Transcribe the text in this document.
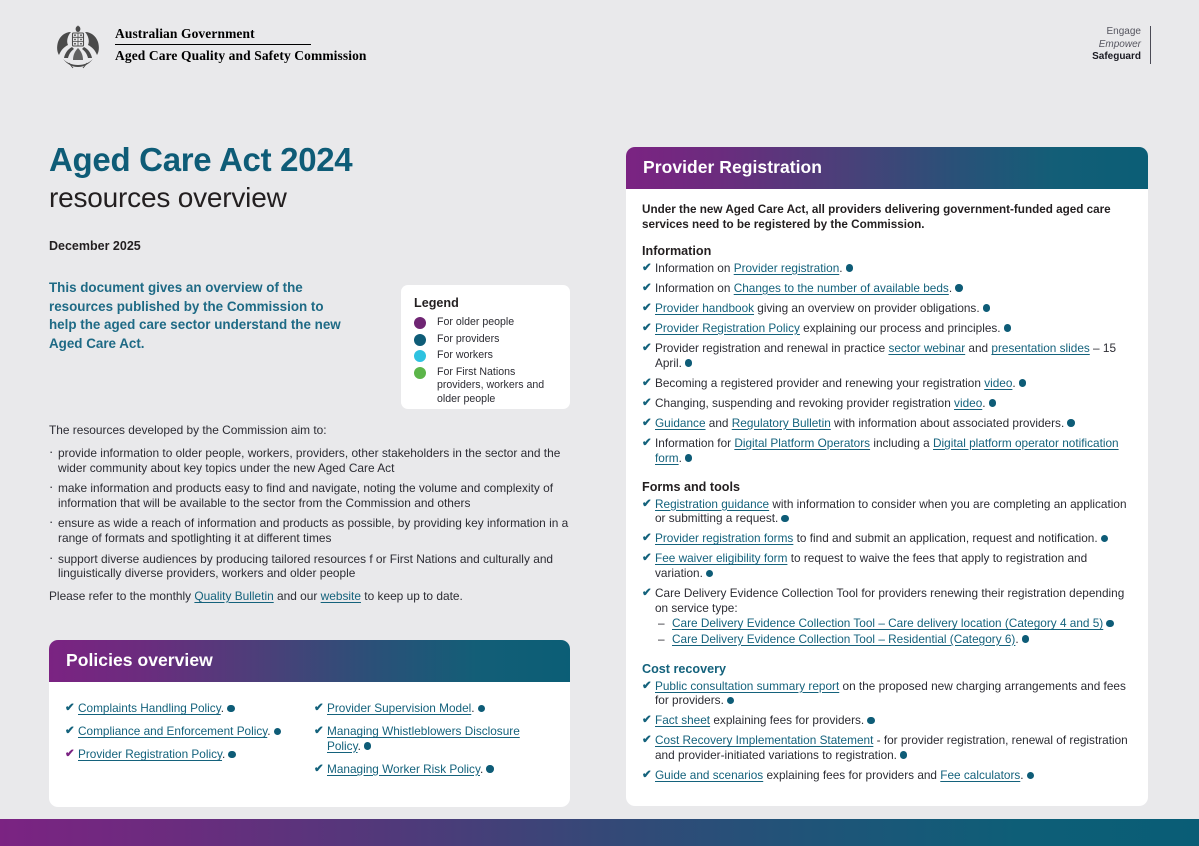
Australian Government
Aged Care Quality and Safety Commission
Engage
Empower
Safeguard
Aged Care Act 2024
resources overview
December 2025
This document gives an overview of the resources published by the Commission to help the aged care sector understand the new Aged Care Act.
Legend
For older people
For providers
For workers
For First Nations providers, workers and older people
The resources developed by the Commission aim to:
· provide information to older people, workers, providers, other stakeholders in the sector and the wider community about key topics under the new Aged Care Act
· make information and products easy to find and navigate, noting the volume and complexity of information that will be available to the sector from the Commission and others
· ensure as wide a reach of information and products as possible, by providing key information in a range of formats and spotlighting it at different times
· support diverse audiences by producing tailored resources f or First Nations and culturally and linguistically diverse providers, workers and older people
Please refer to the monthly Quality Bulletin and our website to keep up to date.
Policies overview
✔ Complaints Handling Policy.
✔ Compliance and Enforcement Policy.
✔ Provider Registration Policy.
✔ Provider Supervision Model.
✔ Managing Whistleblowers Disclosure Policy.
✔ Managing Worker Risk Policy.
Provider Registration
Under the new Aged Care Act, all providers delivering government-funded aged care services need to be registered by the Commission.
Information
✔ Information on Provider registration.
✔ Information on Changes to the number of available beds.
✔ Provider handbook giving an overview on provider obligations.
✔ Provider Registration Policy explaining our process and principles.
✔ Provider registration and renewal in practice sector webinar and presentation slides – 15 April.
✔ Becoming a registered provider and renewing your registration video.
✔ Changing, suspending and revoking provider registration video.
✔ Guidance and Regulatory Bulletin with information about associated providers.
✔ Information for Digital Platform Operators including a Digital platform operator notification form.
Forms and tools
✔ Registration guidance with information to consider when you are completing an application or submitting a request.
✔ Provider registration forms to find and submit an application, request and notification.
✔ Fee waiver eligibility form to request to waive the fees that apply to registration and variation.
✔ Care Delivery Evidence Collection Tool for providers renewing their registration depending on service type:
– Care Delivery Evidence Collection Tool – Care delivery location (Category 4 and 5)
– Care Delivery Evidence Collection Tool – Residential (Category 6).
Cost recovery
✔ Public consultation summary report on the proposed new charging arrangements and fees for providers.
✔ Fact sheet explaining fees for providers.
✔ Cost Recovery Implementation Statement - for provider registration, renewal of registration and provider-initiated variations to registration.
✔ Guide and scenarios explaining fees for providers and Fee calculators.
